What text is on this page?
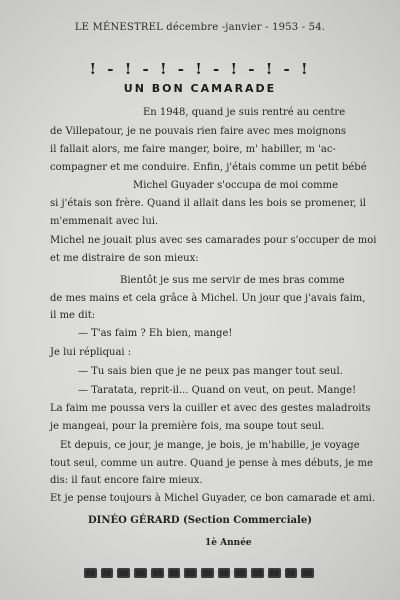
LE MÉNESTREL décembre -janvier - 1953 - 54.
! - ! - ! - ! - ! - ! - !
UN BON CAMARADE
En 1948, quand je suis rentré au centre
de Villepatour, je ne pouvais rien faire avec mes moignons
il fallait alors, me faire manger, boire, m' habiller, m 'ac-
compagner et me conduire. Enfin, j'étais comme un petit bébé
Michel Guyader s'occupa de moi comme
si j'étais son frère. Quand il allait dans les bois se promener, il
m'emmenait avec lui.
Michel ne jouait plus avec ses camarades pour s'occuper de moi
et me distraire de son mieux:
Bientôt je sus me servir de mes bras comme
de mes mains et cela grâce à Michel. Un jour que j'avais faim,
il me dit:
— T'as faim ? Eh bien, mange!
Je lui répliquai :
— Tu sais bien que je ne peux pas manger tout seul.
— Taratata, reprit-il... Quand on veut, on peut. Mange!
La faim me poussa vers la cuiller et avec des gestes maladroits
je mangeai, pour la première fois, ma soupe tout seul.
Et depuis, ce jour, je mange, je bois, je m'habille, je voyage
tout seul, comme un autre. Quand je pense à mes débuts, je me
dis: il faut encore faire mieux.
Et je pense toujours à Michel Guyader, ce bon camarade et ami.
DINÉO GÉRARD (Section Commerciale)
1è Année
